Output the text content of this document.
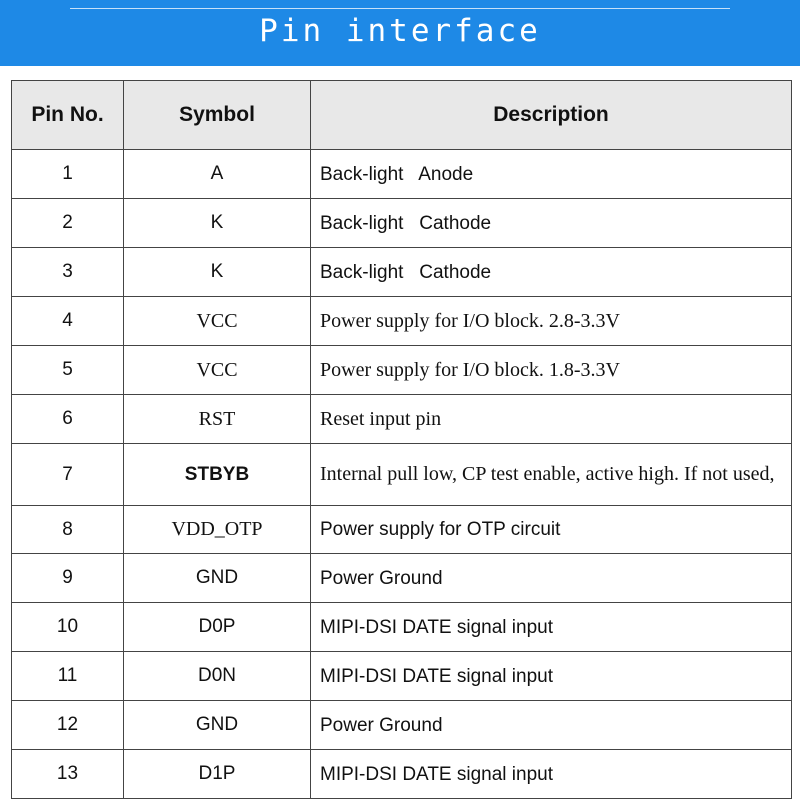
Pin interface
Pin No.	Symbol	Description
1	A	Back-light   Anode
2	K	Back-light   Cathode
3	K	Back-light   Cathode
4	VCC	Power supply for I/O block. 2.8-3.3V
5	VCC	Power supply for I/O block. 1.8-3.3V
6	RST	Reset input pin
7	STBYB	Internal pull low, CP test enable, active high. If not used,
8	VDD_OTP	Power supply for OTP circuit
9	GND	Power Ground
10	D0P	MIPI-DSI DATE signal input
11	D0N	MIPI-DSI DATE signal input
12	GND	Power Ground
13	D1P	MIPI-DSI DATE signal input
